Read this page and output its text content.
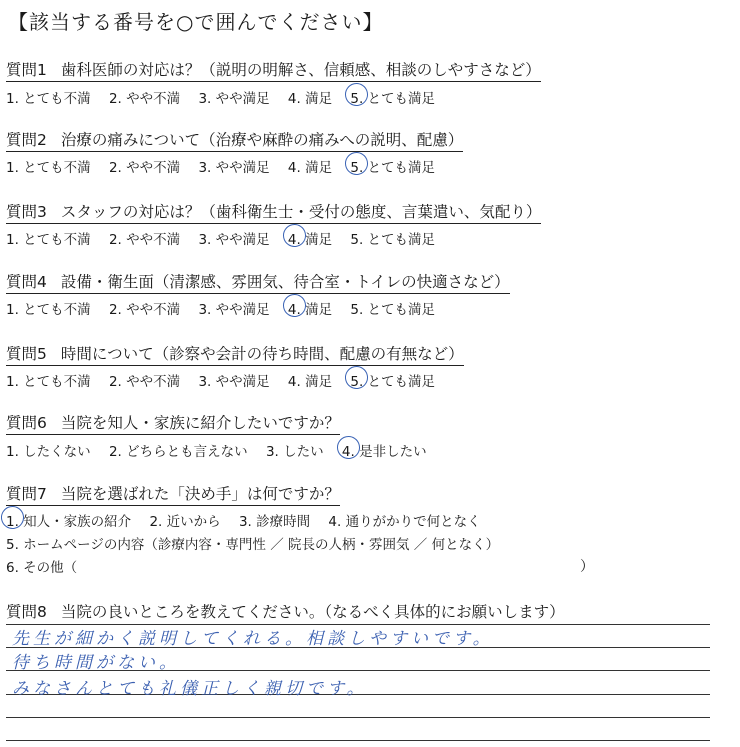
【該当する番号を○で囲んでください】
質問1 歯科医師の対応は？（説明の明解さ、信頼感、相談のしやすさなど）
1. とても不満 2. やや不満 3. やや満足 4. 満足 5. とても満足
質問2 治療の痛みについて（治療や麻酔の痛みへの説明、配慮）
1. とても不満 2. やや不満 3. やや満足 4. 満足 5. とても満足
質問3 スタッフの対応は？（歯科衛生士・受付の態度、言葉遣い、気配り）
1. とても不満 2. やや不満 3. やや満足 4. 満足 5. とても満足
質問4 設備・衛生面（清潔感、雰囲気、待合室・トイレの快適さなど）
1. とても不満 2. やや不満 3. やや満足 4. 満足 5. とても満足
質問5 時間について（診察や会計の待ち時間、配慮の有無など）
1. とても不満 2. やや不満 3. やや満足 4. 満足 5. とても満足
質問6 当院を知人・家族に紹介したいですか？
1. したくない 2. どちらとも言えない 3. したい 4. 是非したい
質問7 当院を選ばれた「決め手」は何ですか？
1. 知人・家族の紹介 2. 近いから 3. 診療時間 4. 通りがかりで何となく
5. ホームページの内容（診療内容・専門性 ／ 院長の人柄・雰囲気 ／ 何となく）
6. その他（	）
質問8 当院の良いところを教えてください。（なるべく具体的にお願いします）
先生が細かく説明してくれる。相談しやすいです。
待ち時間がない。
みなさんとても礼儀正しく親切です。
